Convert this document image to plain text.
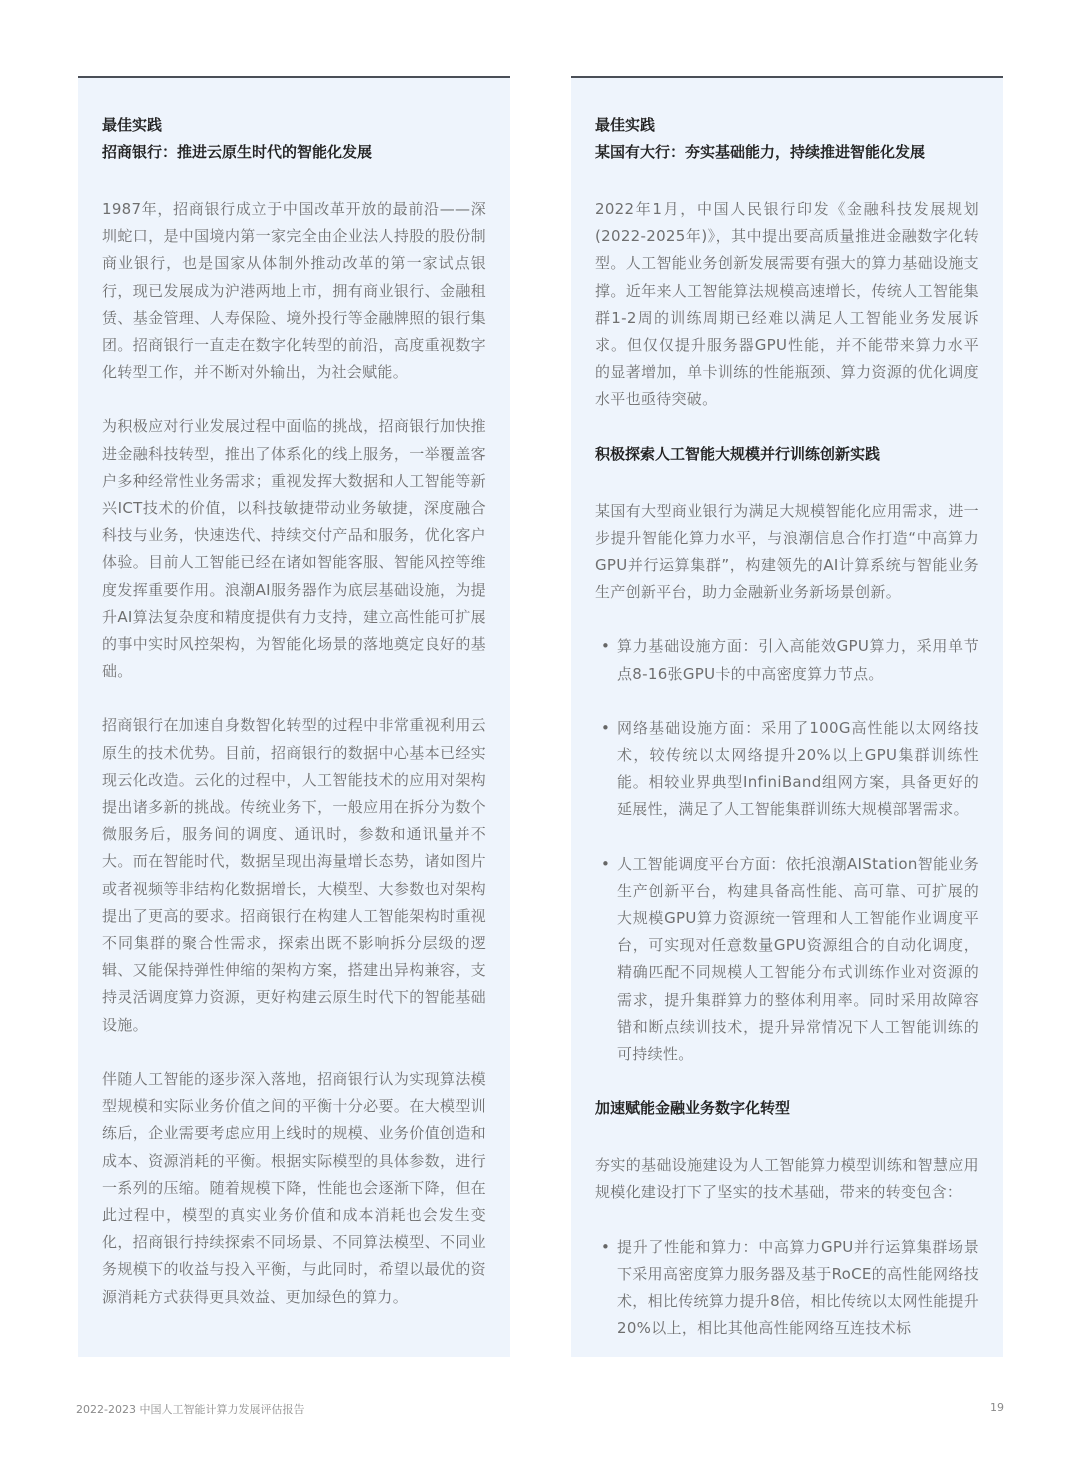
最佳实践

招商银行：推进云原生时代的智能化发展

1987年，招商银行成立于中国改革开放的最前沿——深圳蛇口，是中国境内第一家完全由企业法人持股的股份制商业银行，也是国家从体制外推动改革的第一家试点银行，现已发展成为沪港两地上市，拥有商业银行、金融租赁、基金管理、人寿保险、境外投行等金融牌照的银行集团。招商银行一直走在数字化转型的前沿，高度重视数字化转型工作，并不断对外输出，为社会赋能。

为积极应对行业发展过程中面临的挑战，招商银行加快推进金融科技转型，推出了体系化的线上服务，一举覆盖客户多种经常性业务需求；重视发挥大数据和人工智能等新兴ICT技术的价值，以科技敏捷带动业务敏捷，深度融合科技与业务，快速迭代、持续交付产品和服务，优化客户体验。目前人工智能已经在诸如智能客服、智能风控等维度发挥重要作用。浪潮AI服务器作为底层基础设施，为提升AI算法复杂度和精度提供有力支持，建立高性能可扩展的事中实时风控架构，为智能化场景的落地奠定良好的基础。

招商银行在加速自身数智化转型的过程中非常重视利用云原生的技术优势。目前，招商银行的数据中心基本已经实现云化改造。云化的过程中，人工智能技术的应用对架构提出诸多新的挑战。传统业务下，一般应用在拆分为数个微服务后，服务间的调度、通讯时，参数和通讯量并不大。而在智能时代，数据呈现出海量增长态势，诸如图片或者视频等非结构化数据增长，大模型、大参数也对架构提出了更高的要求。招商银行在构建人工智能架构时重视不同集群的聚合性需求，探索出既不影响拆分层级的逻辑、又能保持弹性伸缩的架构方案，搭建出异构兼容，支持灵活调度算力资源，更好构建云原生时代下的智能基础设施。

伴随人工智能的逐步深入落地，招商银行认为实现算法模型规模和实际业务价值之间的平衡十分必要。在大模型训练后，企业需要考虑应用上线时的规模、业务价值创造和成本、资源消耗的平衡。根据实际模型的具体参数，进行一系列的压缩。随着规模下降，性能也会逐渐下降，但在此过程中，模型的真实业务价值和成本消耗也会发生变化，招商银行持续探索不同场景、不同算法模型、不同业务规模下的收益与投入平衡，与此同时，希望以最优的资源消耗方式获得更具效益、更加绿色的算力。

最佳实践

某国有大行：夯实基础能力，持续推进智能化发展

2022年1月，中国人民银行印发《金融科技发展规划(2022-2025年)》，其中提出要高质量推进金融数字化转型。人工智能业务创新发展需要有强大的算力基础设施支撑。近年来人工智能算法规模高速增长，传统人工智能集群1-2周的训练周期已经难以满足人工智能业务发展诉求。但仅仅提升服务器GPU性能，并不能带来算力水平的显著增加，单卡训练的性能瓶颈、算力资源的优化调度水平也亟待突破。

积极探索人工智能大规模并行训练创新实践

某国有大型商业银行为满足大规模智能化应用需求，进一步提升智能化算力水平，与浪潮信息合作打造“中高算力GPU并行运算集群”，构建领先的AI计算系统与智能业务生产创新平台，助力金融新业务新场景创新。

• 算力基础设施方面：引入高能效GPU算力，采用单节点8-16张GPU卡的中高密度算力节点。
• 网络基础设施方面：采用了100G高性能以太网络技术，较传统以太网络提升20%以上GPU集群训练性能。相较业界典型InfiniBand组网方案，具备更好的延展性，满足了人工智能集群训练大规模部署需求。
• 人工智能调度平台方面：依托浪潮AIStation智能业务生产创新平台，构建具备高性能、高可靠、可扩展的大规模GPU算力资源统一管理和人工智能作业调度平台，可实现对任意数量GPU资源组合的自动化调度，精确匹配不同规模人工智能分布式训练作业对资源的需求，提升集群算力的整体利用率。同时采用故障容错和断点续训技术，提升异常情况下人工智能训练的可持续性。

加速赋能金融业务数字化转型

夯实的基础设施建设为人工智能算力模型训练和智慧应用规模化建设打下了坚实的技术基础，带来的转变包含：

• 提升了性能和算力：中高算力GPU并行运算集群场景下采用高密度算力服务器及基于RoCE的高性能网络技术，相比传统算力提升8倍，相比传统以太网性能提升20%以上，相比其他高性能网络互连技术标
2022-2023 中国人工智能计算力发展评估报告	19
